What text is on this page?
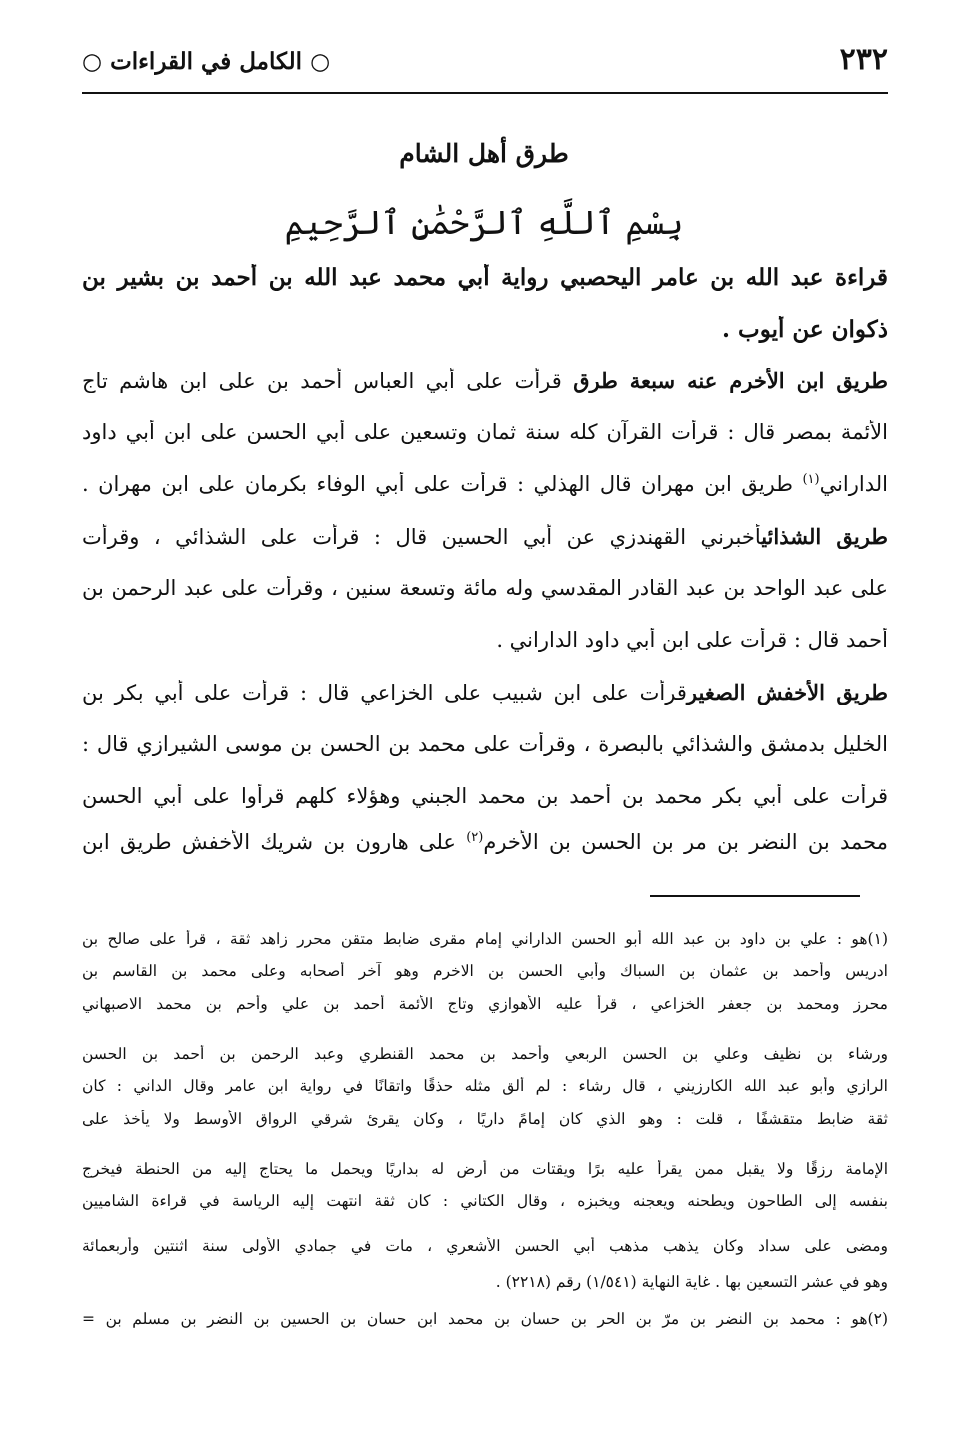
○ الكامل في القراءات ○	٢٣٢
طرق أهل الشام
بِسْمِ ٱللَّهِ ٱلرَّحْمَٰنِ ٱلرَّحِيمِ
قراءة عبد الله بن عامر اليحصبي رواية أبي محمد عبد الله بن أحمد بن بشير بن
ذكوان عن أيوب .
طريق ابن الأخرم عنه سبعة طرق قرأت على أبي العباس أحمد بن على ابن هاشم تاج
الأئمة بمصر قال : قرأت القرآن كله سنة ثمان وتسعين على أبي الحسن على ابن أبي داود
الداراني$^{(١)}$ طريق ابن مهران قال الهذلي : قرأت على أبي الوفاء بكرمان على ابن مهران .
طريق الشذائيأخبرني القهندزي عن أبي الحسين قال : قرأت على الشذائي ، وقرأت
على عبد الواحد بن عبد القادر المقدسي وله مائة وتسعة سنين ، وقرأت على عبد الرحمن بن
أحمد قال : قرأت على ابن أبي داود الداراني .
طريق الأخفش الصغيرقرأت على ابن شبيب على الخزاعي قال : قرأت على أبي بكر بن
الخليل بدمشق والشذائي بالبصرة ، وقرأت على محمد بن الحسن بن موسى الشيرازي قال :
قرأت على أبي بكر محمد بن أحمد بن محمد الجبني وهؤلاء كلهم قرأوا على أبي الحسن
محمد بن النضر بن مر بن الحسن بن الأخرم$^{(٢)}$ على هارون بن شريك الأخفش طريق ابن
(١)هو : علي بن داود بن عبد الله أبو الحسن الداراني إمام مقرى ضابط متقن محرر زاهد ثقة ، قرأ على صالح بن
ادريس وأحمد بن عثمان بن السباك وأبي الحسن بن الاخرم وهو آخر أصحابه وعلى محمد بن القاسم بن
محرز ومحمد بن جعفر الخزاعي ، قرأ عليه الأهوازي وتاج الأئمة أحمد بن علي وأحم بن محمد الاصبهاني
ورشاء بن نظيف وعلي بن الحسن الربعي وأحمد بن محمد القنطري وعبد الرحمن بن أحمد بن الحسن
الرازي وأبو عبد الله الكارزيني ، قال رشاء : لم ألق مثله حذقًا واتقانًا في رواية ابن عامر وقال الداني : كان
ثقة ضابط متقشفًا ، قلت : وهو الذي كان إمامً داريًا ، وكان يقرئ شرقي الرواق الأوسط ولا يأخذ على
الإمامة رزقًا ولا يقبل ممن يقرأ عليه برًا ويقتات من أرض له بداريًا ويحمل ما يحتاج إليه من الحنطة فيخرج
بنفسه إلى الطاحون ويطحنه ويعجنه ويخبزه ، وقال الكتاني : كان ثقة انتهت إليه الرياسة في قراءة الشاميين
ومضى على سداد وكان يذهب مذهب أبي الحسن الأشعري ، مات في جمادي الأولى سنة اثنتين وأربعمائة
وهو في عشر التسعين بها . غاية النهاية (١/٥٤١) رقم (٢٢١٨) .
(٢)هو : محمد بن النضر بن مرّ بن الحر بن حسان بن محمد ابن حسان بن الحسين بن النضر بن مسلم بن =
